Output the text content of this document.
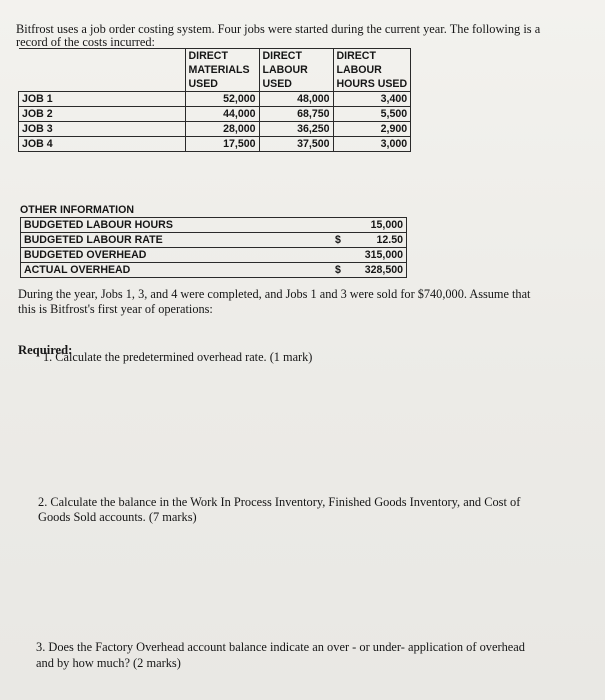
Bitfrost uses a job order costing system. Four jobs were started during the current year. The following is a

record of the costs incurred:

	DIRECT	DIRECT	DIRECT
	MATERIALS	LABOUR	LABOUR
	USED	USED	HOURS USED
JOB 1	52,000	48,000	3,400
JOB 2	44,000	68,750	5,500
JOB 3	28,000	36,250	2,900
JOB 4	17,500	37,500	3,000
OTHER INFORMATION
BUDGETED LABOUR HOURS		15,000
BUDGETED LABOUR RATE	$	12.50
BUDGETED OVERHEAD		315,000
ACTUAL OVERHEAD	$	328,500

During the year, Jobs 1, 3, and 4 were completed, and Jobs 1 and 3 were sold for $740,000. Assume that

this is Bitfrost's first year of operations:

Required:

1. Calculate the predetermined overhead rate. (1 mark)

2. Calculate the balance in the Work In Process Inventory, Finished Goods Inventory, and Cost of

Goods Sold accounts. (7 marks)

3. Does the Factory Overhead account balance indicate an over - or under- application of overhead

and by how much? (2 marks)
